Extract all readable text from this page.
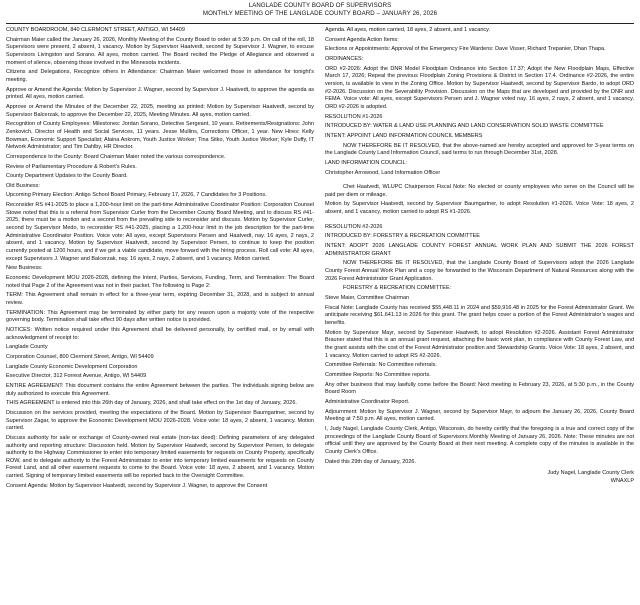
LANGLADE COUNTY BOARD OF SUPERVISORS
MONTHLY MEETING OF THE LANGLADE COUNTY BOARD – JANUARY 26, 2026

COUNTY BOARDROOM, 840 CLERMONT STREET, ANTIGO, WI 54409

Chairman Maier called the January 26, 2026, Monthly Meeting of the County Board to order at 5:39 p.m. On call of the roll, 18 Supervisors were present, 2 absent, 1 vacancy. Motion by Supervisor Haatvedt, second by Supervisor J. Wagner, to excuse Supervisors Livingston and Sorano. All ayes, motion carried. The Board recited the Pledge of Allegiance and observed a moment of silence, observing those involved in the Minnesota incidents.

Citizens and Delegations, Recognize others in Attendance: Chairman Maier welcomed those in attendance for tonight’s meeting.

Approve or Amend the Agenda: Motion by Supervisor J. Wagner, second by Supervisor J. Haatvedt, to approve the agenda as printed. All ayes, motion carried.

Approve or Amend the Minutes of the December 22, 2025, meeting as printed: Motion by Supervisor Haatvedt, second by Supervisor Balcerzak, to approve the December 22, 2025, Meeting Minutes. All ayes, motion carried.

Recognition of County Employees: Milestones: Jordan Sorano, Detective Sergeant, 10 years. Retirements/Resignations: John Zenkovich, Director of Health and Social Services, 11 years. Jesse Mullins, Corrections Officer, 1 year. New Hires: Kelly Bowman, Economic Support Specialist; Alaina Ankrom, Youth Justice Worker; Tina Sitko, Youth Justice Worker; Kyle Duffy, IT Network Administrator; and Tim Dahlby, HR Director.

Correspondence to the County: Board Chairman Maier noted the various correspondence.

Review of Parliamentary Procedure & Robert’s Rules.

County Department Updates to the County Board.

Old Business:

Upcoming Primary Election: Antigo School Board Primary, February 17, 2026, 7 Candidates for 3 Positions.

Reconsider RS #41-2025 to place a 1,200-hour limit on the part-time Administrative Coordinator Position: Corporation Counsel Stowe noted that this is a referral from Supervisor Curler from the December County Board Meeting, and to discuss RS #41-2025, there must be a motion and a second from the prevailing side to reconsider and discuss. Motion by Supervisor Curler, second by Supervisor Medo, to reconsider RS #41-2025, placing a 1,200-hour limit in the job description for the part-time Administrative Coordinator Position. Voice vote: All ayes, except Supervisors Persen and Haatvedt, nay. 16 ayes, 2 nays, 2 absent, and 1 vacancy. Motion by Supervisor Haatvedt, second by Supervisor Persen, to continue to keep the position currently posted at 1200 hours, and if we get a viable candidate, move forward with the hiring process. Roll call vote: All ayes, except Supervisors J. Wagner and Balcerzak, nay. 16 ayes, 2 nays, 2 absent, and 1 vacancy. Motion carried.

New Business:

Economic Development MOU 2026-2028, defining the Intent, Parties, Services, Funding, Term, and Termination: The Board noted that Page 2 of the Agreement was not in their packet. The following is Page 2:

TERM: This Agreement shall remain in effect for a three-year term, expiring December 31, 2028, and is subject to annual review.

TERMINATION: This Agreement may be terminated by either party for any reason upon a majority vote of the respective governing body. Termination shall take effect 90 days after written notice is provided.

NOTICES: Written notice required under this Agreement shall be delivered personally, by certified mail, or by email with acknowledgment of receipt to:

Langlade County

Corporation Counsel, 800 Clermont Street, Antigo, WI 54409

Langlade County Economic Development Corporation

Executive Director, 312 Forrest Avenue, Antigo, WI 54409

ENTIRE AGREEMENT: This document contains the entire Agreement between the parties. The individuals signing below are duly authorized to execute this Agreement.

THIS AGREEMENT is entered into this 26th day of January, 2026, and shall take effect on the 1st day of January, 2026.

Discussion on the services provided, meeting the expectations of the Board. Motion by Supervisor Baumgartner, second by Supervisor Zagar, to approve the Economic Development MOU 2026-2028. Voice vote: 18 ayes, 2 absent, 1 vacancy. Motion carried.

Discuss authority for sale or exchange of County-owned real estate (non-tax deed): Defining parameters of any delegated authority and reporting structure: Discussion held. Motion by Supervisor Haatvedt, second by Supervisor Persen, to delegate authority to the Highway Commissioner to enter into temporary limited easements for requests on County Property, specifically ROW, and to delegate authority to the Forest Administrator to enter into temporary limited easements for requests on County Forest Land, and all other easement requests to come to the Board. Voice vote: 18 ayes, 2 absent, and 1 vacancy. Motion carried. Signing of temporary limited easements will be reported back to the Oversight Committee.

Consent Agenda: Motion by Supervisor Haatvedt, second by Supervisor J. Wagner, to approve the Consent

Agenda. All ayes, motion carried, 18 ayes, 2 absent, and 1 vacancy.

Consent Agenda Action Items:

Elections or Appointments: Approval of the Emergency Fire Wardens: Dave Visser, Richard Trepanier, Dhan Thapa.

ORDINANCES:

ORD #2-2026: Adopt the DNR Model Floodplain Ordinance into Section 17.37; Adopt the New Floodplain Maps, Effective March 17, 2026; Repeal the previous Floodplain Zoning Provisions & District in Section 17.4. Ordinance #2-2026, the entire version, is available to view in the Zoning Office. Motion by Supervisor Haatvedt, second by Supervisor Bardo, to adopt ORD #2-2026. Discussion on the Severability Provision. Discussion on the Maps that are developed and provided by the DNR and FEMA. Voice vote: All ayes, except Supervisors Persen and J. Wagner voted nay. 16 ayes, 2 nays, 2 absent, and 1 vacancy. ORD #2-2026 is adopted.

RESOLUTION #1-2026

INTRODUCED BY: WATER & LAND USE PLANNING AND LAND CONSERVATION SOLID WASTE COMMITTEE

INTENT: APPOINT LAND INFORMATION COUNCIL MEMBERS

NOW THEREFORE BE IT RESOLVED, that the above-named are hereby accepted and approved for 3-year terms on the Langlade County Land Information Council, said terms to run through December 31st, 2028.

LAND INFORMATION COUNCIL:

Christopher Arrowood, Land Information Officer

Chet Haatvedt, WLUPC Chairperson Fiscal Note: No elected or county employees who serve on the Council will be paid per diem or mileage.

Motion by Supervisor Haatvedt, second by Supervisor Baumgartner, to adopt Resolution #1-2026. Voice Vote: 18 ayes, 2 absent, and 1 vacancy, motion carried to adopt RS #1-2026.

RESOLUTION #2-2026

INTRODUCED BY: FORESTRY & RECREATION COMMITTEE

INTENT: ADOPT 2026 LANGLADE COUNTY FOREST ANNUAL WORK PLAN AND SUBMIT THE 2026 FOREST ADMINISTRATOR GRANT

NOW THEREFORE BE IT RESOLVED, that the Langlade County Board of Supervisors adopt the 2026 Langlade County Forest Annual Work Plan and a copy be forwarded to the Wisconsin Department of Natural Resources along with the 2026 Forest Administrator Grant Application.

FORESTRY & RECREATION COMMITTEE:

Steve Maier, Committee Chairman

Fiscal Note: Langlade County has received $55,448.11 in 2024 and $59,916.48 in 2025 for the Forest Administrator Grant. We anticipate receiving $61,641.13 in 2026 for this grant. The grant helps cover a portion of the Forest Administrator’s wages and benefits.

Motion by Supervisor Mayr, second by Supervisor Haatvedt, to adopt Resolution #2-2026. Assistant Forest Administrator Brauner stated that this is an annual grant request, attaching the basic work plan, in compliance with County Forest Law, and the grant assists with the cost of the Forest Administrator position and Stewardship Grants. Voice Vote: 18 ayes, 2 absent, and 1 vacancy. Motion carried to adopt RS #2-2026.

Committee Referrals: No Committee referrals.

Committee Reports: No Committee reports.

Any other business that may lawfully come before the Board: Next meeting is February 23, 2026, at 5:30 p.m., in the County Board Room

Administrative Coordinator Report.

Adjournment: Motion by Supervisor J. Wagner, second by Supervisor Mayr, to adjourn the January 26, 2026, County Board Meeting at 7:50 p.m. All ayes, motion carried.

I, Judy Nagel, Langlade County Clerk, Antigo, Wisconsin, do hereby certify that the foregoing is a true and correct copy of the proceedings of the Langlade County Board of Supervisors Monthly Meeting of January 26, 2026. Note: These minutes are not official until they are approved by the County Board at their next meeting. A complete copy of the minutes is available in the County Clerk’s Office.

Dated this 29th day of January, 2026.

Judy Nagel, Langlade County Clerk

WNAXLP
